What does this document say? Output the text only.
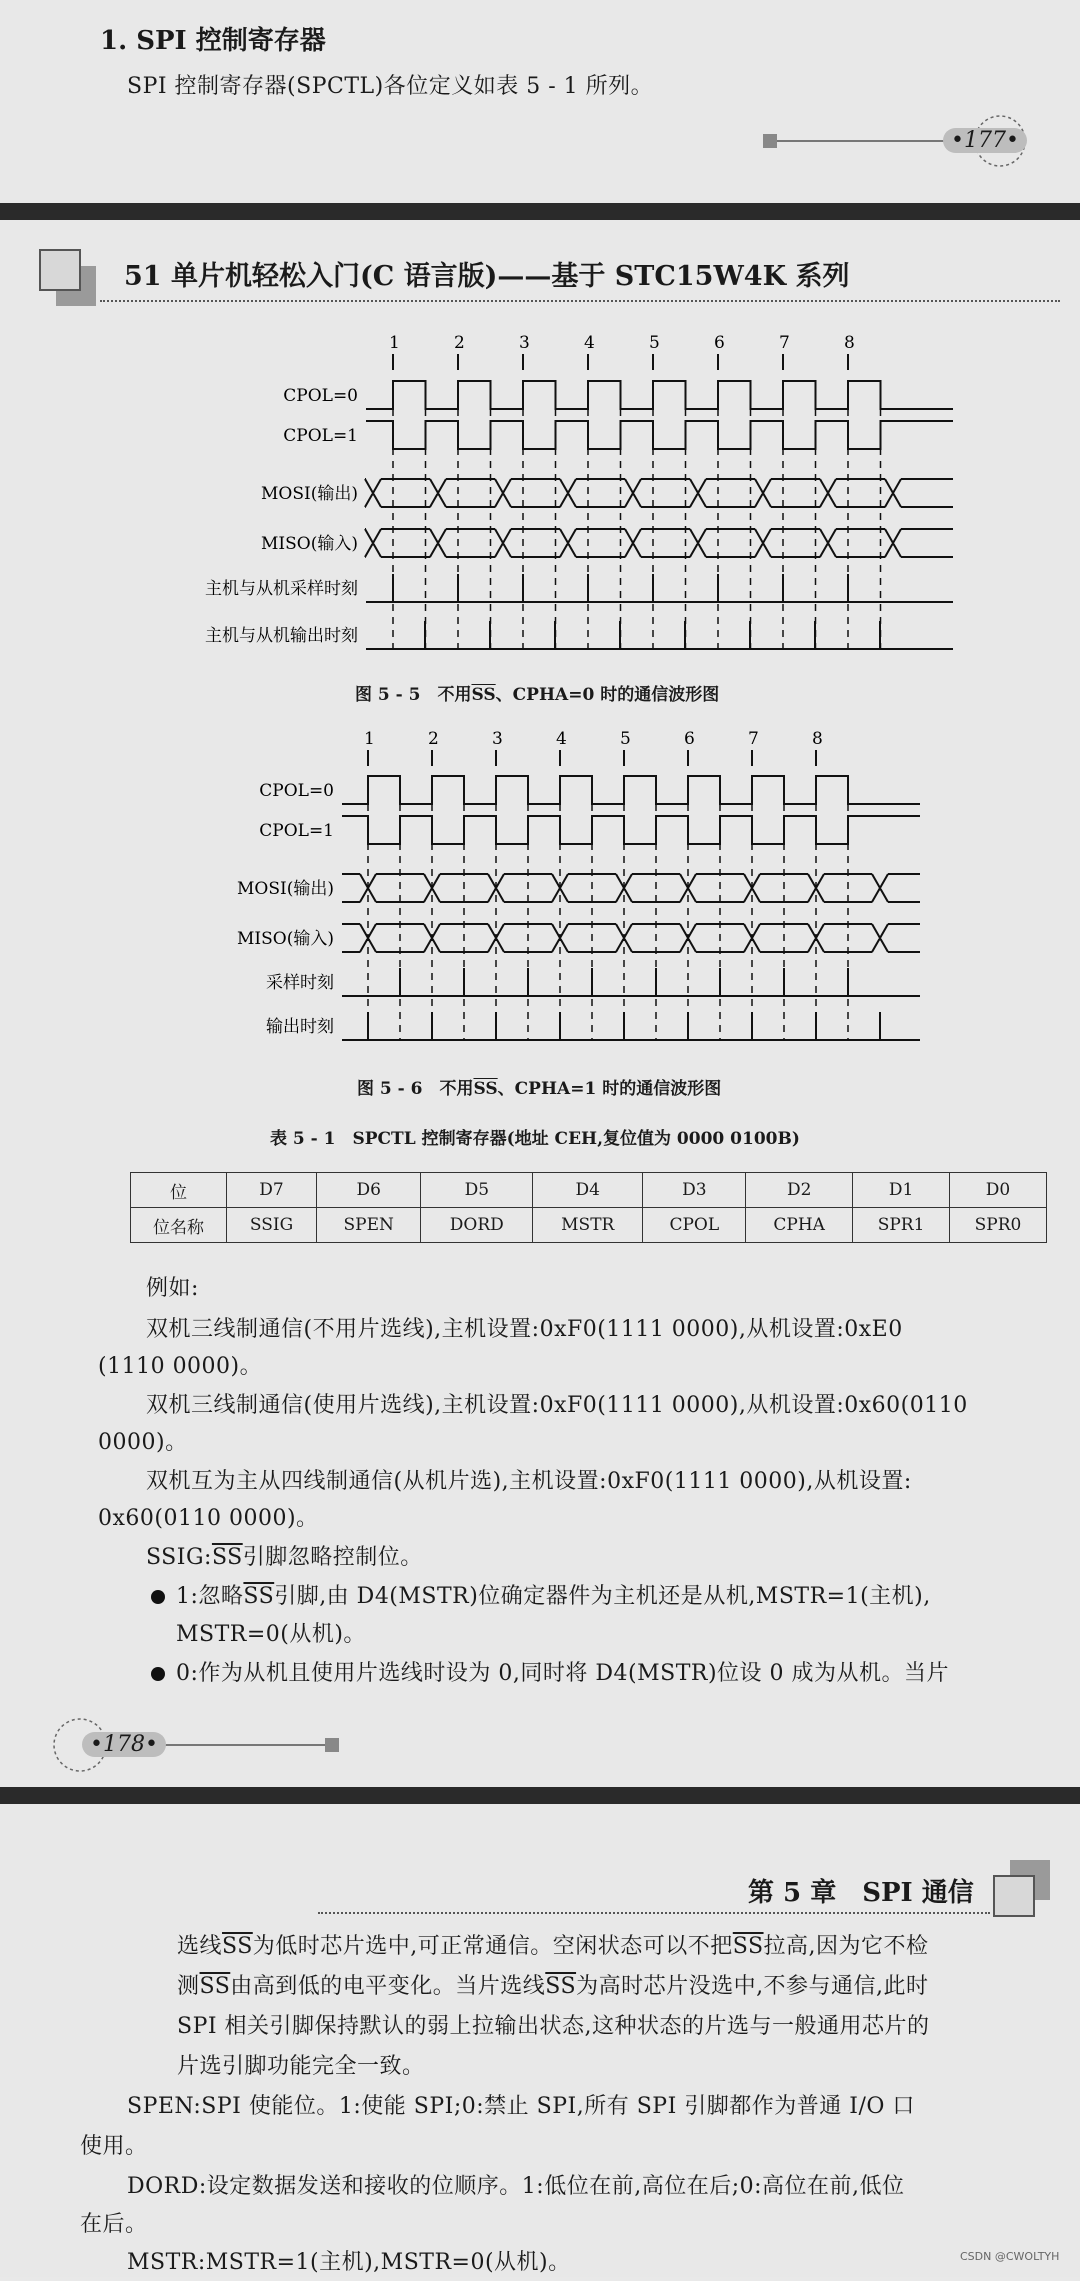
1. SPI 控制寄存器
SPI 控制寄存器(SPCTL)各位定义如表 5 - 1 所列。
•177•
51 单片机轻松入门(C 语言版)——基于 STC15W4K 系列
1	2	3	4	5	6	7	8
CPOL=0
CPOL=1
MOSI(输出)
MISO(输入)
主机与从机采样时刻
主机与从机输出时刻
图 5 - 5　不用$\overline{SS}$、CPHA=0 时的通信波形图
1	2	3	4	5	6	7	8
CPOL=0
CPOL=1
MOSI(输出)
MISO(输入)
采样时刻
输出时刻
图 5 - 6　不用$\overline{SS}$、CPHA=1 时的通信波形图
表 5 - 1　SPCTL 控制寄存器(地址 CEH,复位值为 0000 0100B)
位	D7	D6	D5	D4	D3	D2	D1	D0
位名称	SSIG	SPEN	DORD	MSTR	CPOL	CPHA	SPR1	SPR0
例如:
双机三线制通信(不用片选线),主机设置:0xF0(1111 0000),从机设置:0xE0
(1110 0000)。
双机三线制通信(使用片选线),主机设置:0xF0(1111 0000),从机设置:0x60(0110
0000)。
双机互为主从四线制通信(从机片选),主机设置:0xF0(1111 0000),从机设置:
0x60(0110 0000)。
$SSIG:\overline{SS}$引脚忽略控制位。
1:忽略$\overline{SS}$引脚,由 D4(MSTR)位确定器件为主机还是从机,MSTR=1(主机),
MSTR=0(从机)。
0:作为从机且使用片选线时设为 0,同时将 D4(MSTR)位设 0 成为从机。当片
•178•
第 5 章　SPI 通信
选线$\overline{SS}$为低时芯片选中,可正常通信。空闲状态可以不把$\overline{SS}$拉高,因为它不检
测$\overline{SS}$由高到低的电平变化。当片选线$\overline{SS}$为高时芯片没选中,不参与通信,此时
SPI 相关引脚保持默认的弱上拉输出状态,这种状态的片选与一般通用芯片的
片选引脚功能完全一致。
SPEN:SPI 使能位。1:使能 SPI;0:禁止 SPI,所有 SPI 引脚都作为普通 I/O 口
使用。
DORD:设定数据发送和接收的位顺序。1:低位在前,高位在后;0:高位在前,低位
在后。
MSTR:MSTR=1(主机),MSTR=0(从机)。	CSDN @CWOLTYH
